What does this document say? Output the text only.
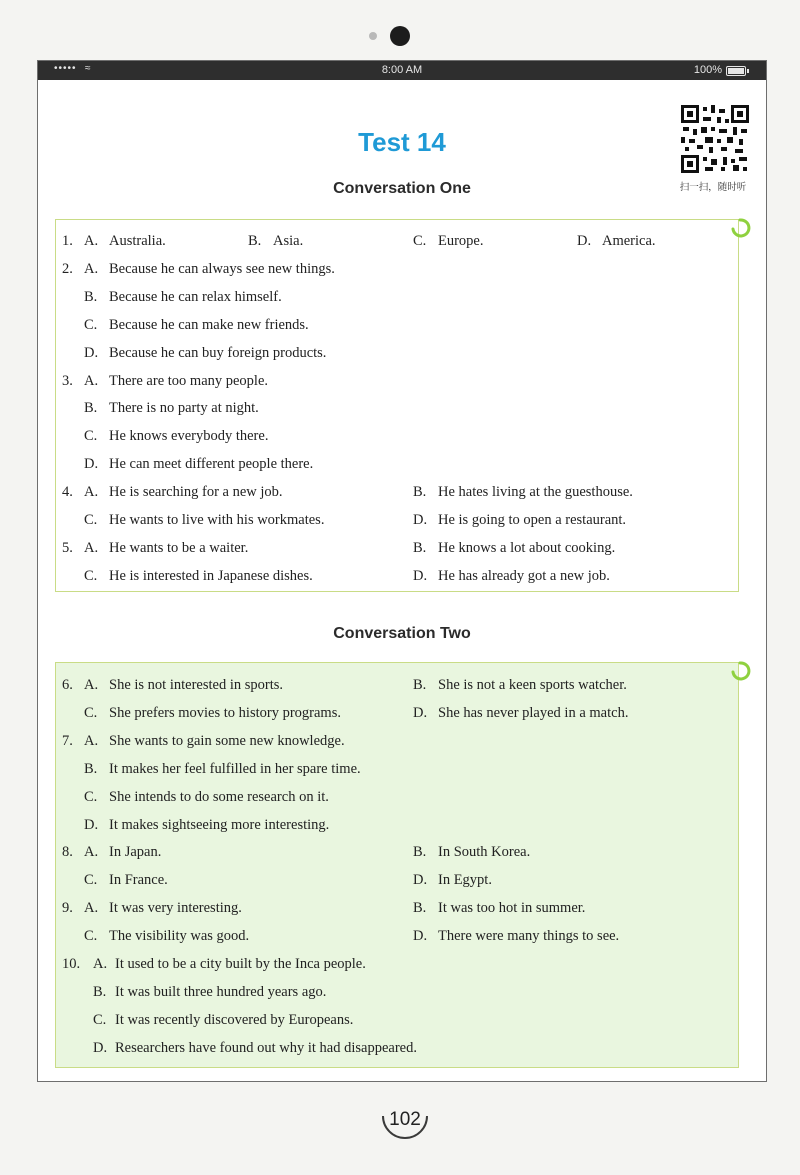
••••• ≈	8:00 AM	100%
Test 14
扫一扫，随时听
Conversation One
1. A. Australia.	B. Asia.	C. Europe.	D. America.
2. A. Because he can always see new things.
B. Because he can relax himself.
C. Because he can make new friends.
D. Because he can buy foreign products.
3. A. There are too many people.
B. There is no party at night.
C. He knows everybody there.
D. He can meet different people there.
4. A. He is searching for a new job.	B. He hates living at the guesthouse.
C. He wants to live with his workmates.	D. He is going to open a restaurant.
5. A. He wants to be a waiter.	B. He knows a lot about cooking.
C. He is interested in Japanese dishes.	D. He has already got a new job.
Conversation Two
6. A. She is not interested in sports.	B. She is not a keen sports watcher.
C. She prefers movies to history programs.	D. She has never played in a match.
7. A. She wants to gain some new knowledge.
B. It makes her feel fulfilled in her spare time.
C. She intends to do some research on it.
D. It makes sightseeing more interesting.
8. A. In Japan.	B. In South Korea.
C. In France.	D. In Egypt.
9. A. It was very interesting.	B. It was too hot in summer.
C. The visibility was good.	D. There were many things to see.
10. A. It used to be a city built by the Inca people.
B. It was built three hundred years ago.
C. It was recently discovered by Europeans.
D. Researchers have found out why it had disappeared.
102
